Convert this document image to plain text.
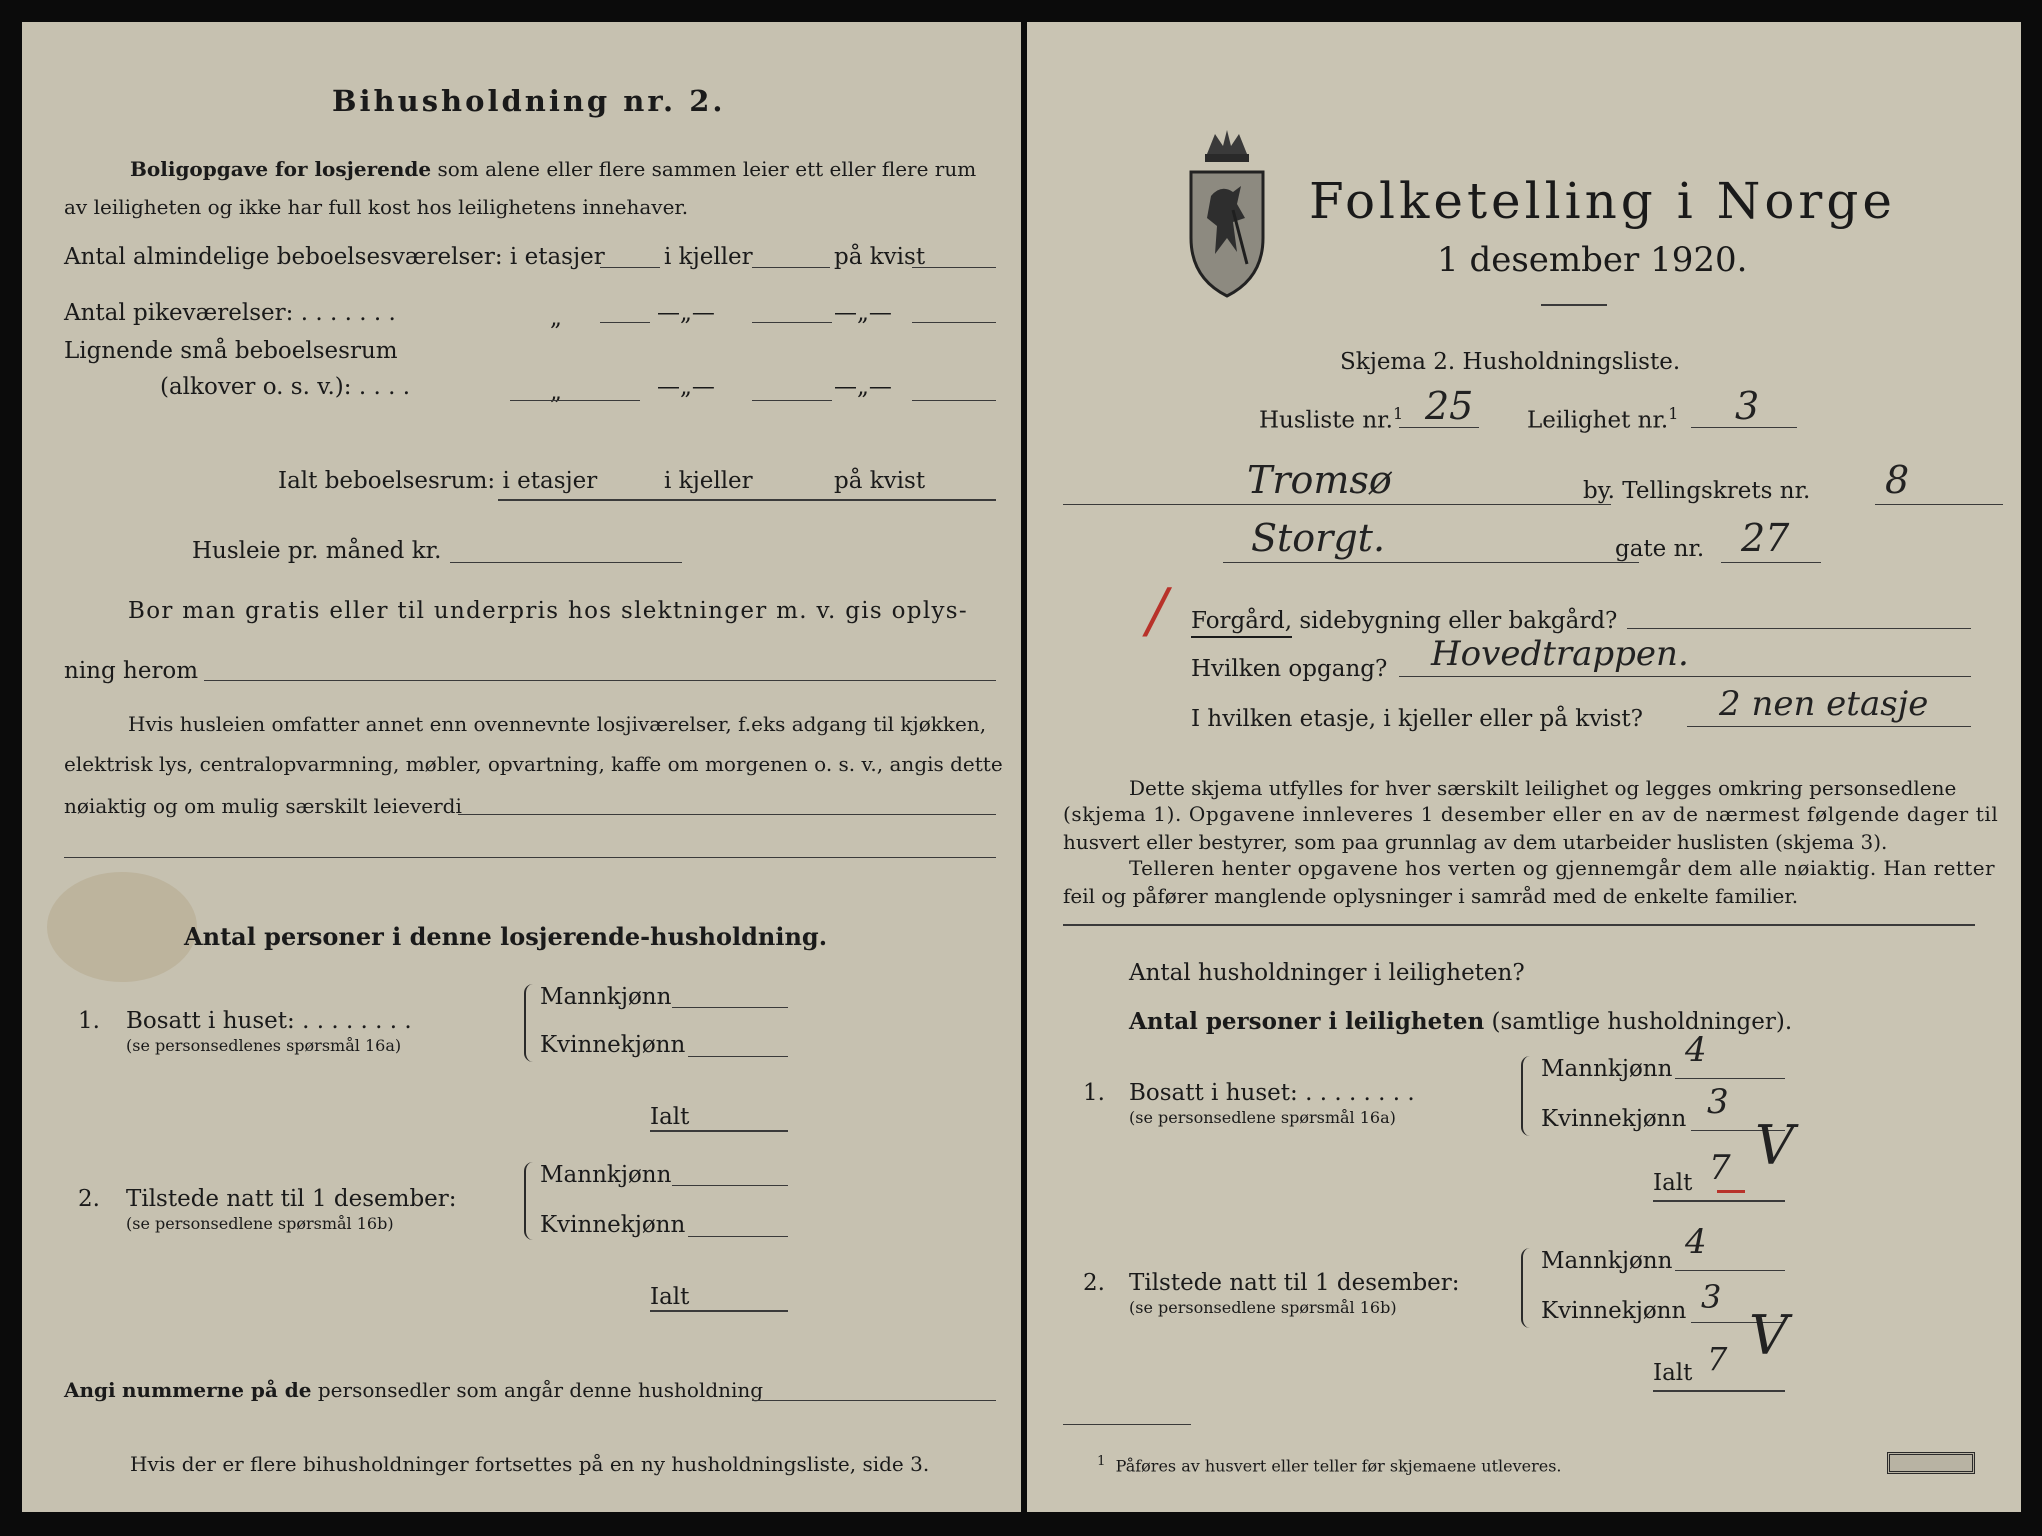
Bihusholdning nr. 2.
Boligopgave for losjerende som alene eller flere sammen leier ett eller flere rum
av leiligheten og ikke har full kost hos leilighetens innehaver.
Antal almindelige beboelsesværelser: i etasjer	i kjeller	på kvist
Antal pikeværelser: . . . . . . .	„	—„—	—„—
Lignende små beboelsesrum
(alkover o. s. v.): . . . .	„	—„—	—„—
Ialt beboelsesrum: i etasjer	i kjeller	på kvist
Husleie pr. måned kr.
Bor man gratis eller til underpris hos slektninger m. v. gis oplys-
ning herom
Hvis husleien omfatter annet enn ovennevnte losjiværelser, f.eks adgang til kjøkken,
elektrisk lys, centralopvarmning, møbler, opvartning, kaffe om morgenen o. s. v., angis dette
nøiaktig og om mulig særskilt leieverdi
Antal personer i denne losjerende-husholdning.
1. Bosatt i huset: . . . . . . . .
(se personsedlenes spørsmål 16a)
Mannkjønn
Kvinnekjønn
Ialt
2. Tilstede natt til 1 desember:
(se personsedlene spørsmål 16b)
Mannkjønn
Kvinnekjønn
Ialt
Angi nummerne på de personsedler som angår denne husholdning
Hvis der er flere bihusholdninger fortsettes på en ny husholdningsliste, side 3.
Folketelling i Norge
1 desember 1920.
Skjema 2. Husholdningsliste.
Husliste nr.$^1$ 25 Leilighet nr.$^1$ 3
Tromsø	by. Tellingskrets nr. 8
Storgt.	gate nr. 27
/ Forgård, sidebygning eller bakgård?
Hvilken opgang? Hovedtrappen.
I hvilken etasje, i kjeller eller på kvist? 2 nen etasje
Dette skjema utfylles for hver særskilt leilighet og legges omkring personsedlene
(skjema 1). Opgavene innleveres 1 desember eller en av de nærmest følgende dager til
husvert eller bestyrer, som paa grunnlag av dem utarbeider huslisten (skjema 3).
Telleren henter opgavene hos verten og gjennemgår dem alle nøiaktig. Han retter
feil og påfører manglende oplysninger i samråd med de enkelte familier.
Antal husholdninger i leiligheten?
Antal personer i leiligheten (samtlige husholdninger).
1. Bosatt i huset: . . . . . . . .
(se personsedlene spørsmål 16a)
Mannkjønn 4
Kvinnekjønn 3
Ialt 7 V
2. Tilstede natt til 1 desember:
(se personsedlene spørsmål 16b)
Mannkjønn 4
Kvinnekjønn 3
Ialt 7 V
$^1$ Påføres av husvert eller teller før skjemaene utleveres.
